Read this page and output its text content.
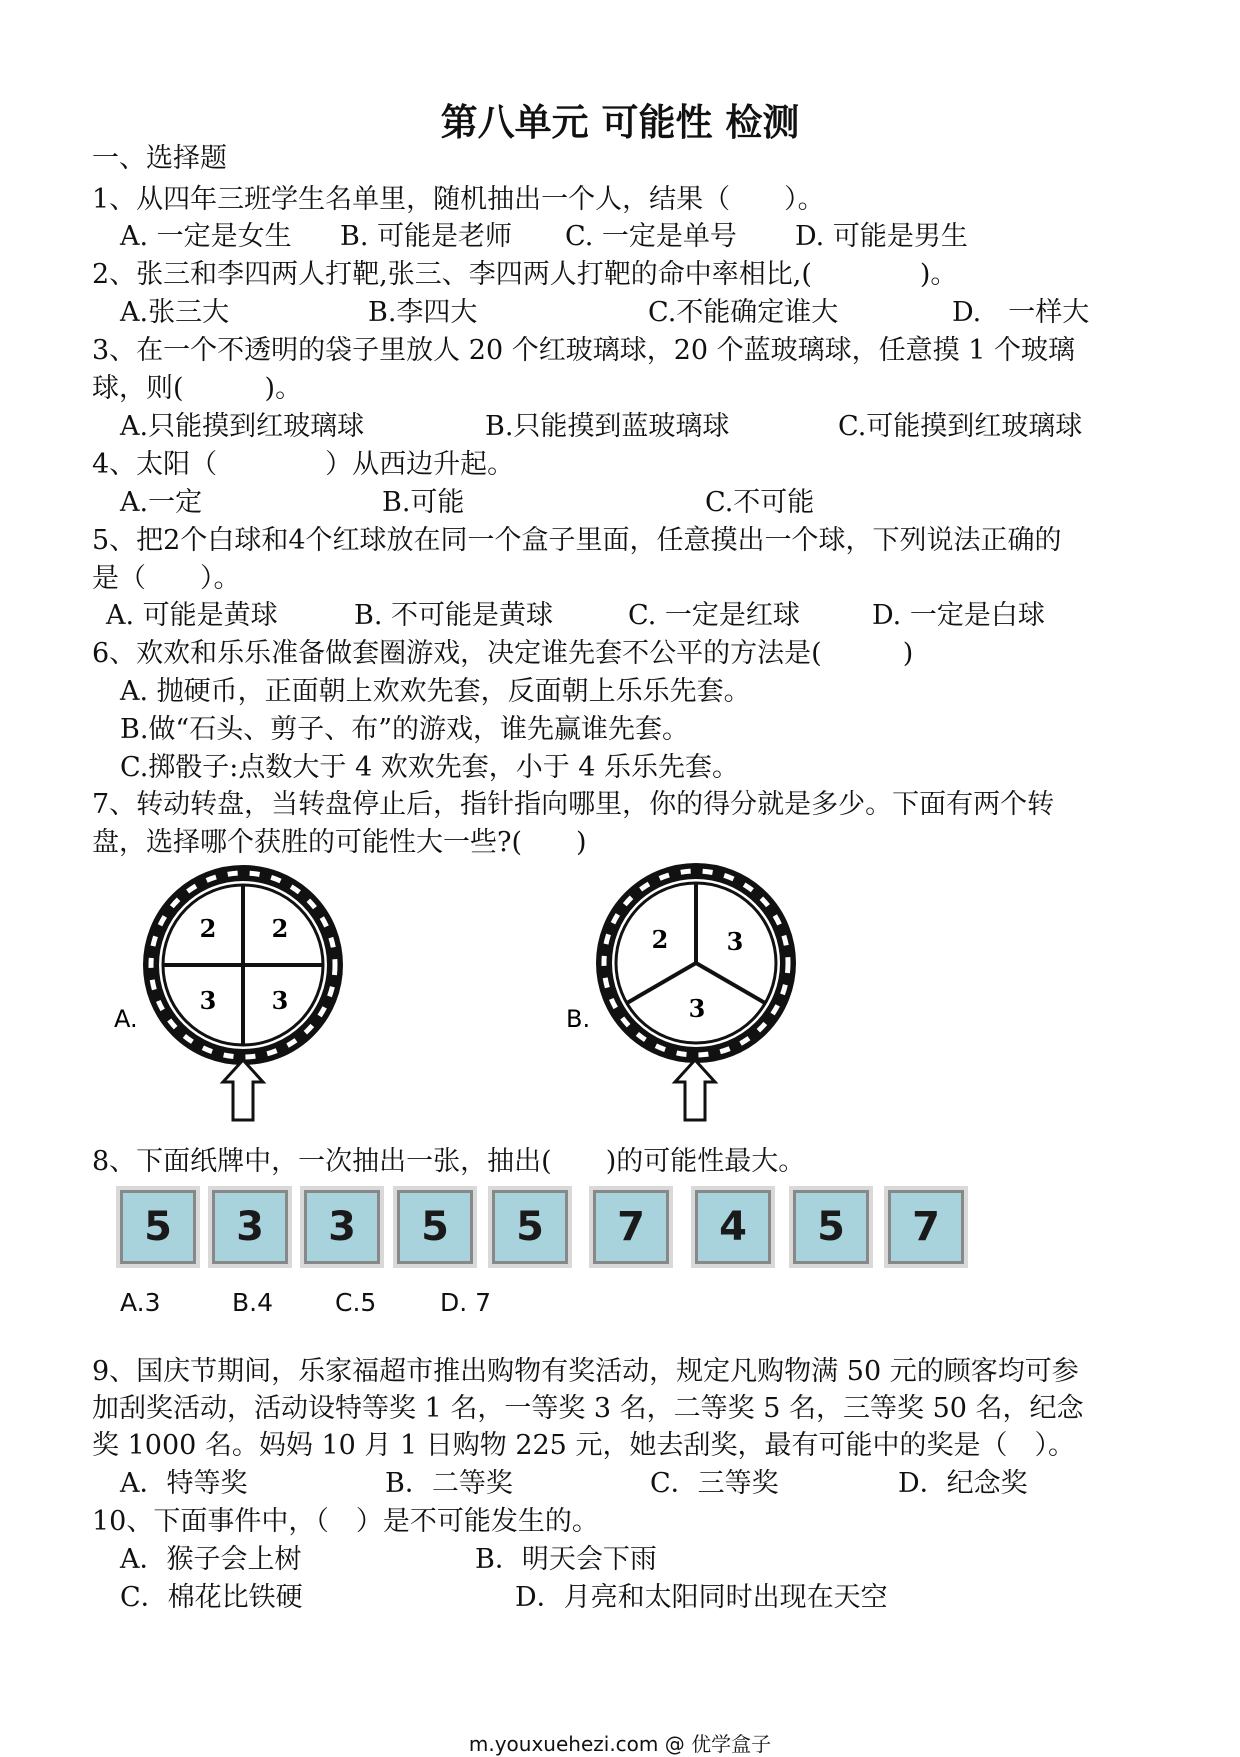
第八单元 可能性 检测
一、选择题
1、从四年三班学生名单里，随机抽出一个人，结果（　　）。
A. 一定是女生 B. 可能是老师 C. 一定是单号 D. 可能是男生
2、张三和李四两人打靶,张三、李四两人打靶的命中率相比,(　　　　)。
A.张三大	B.李四大	C.不能确定谁大	D.　一样大
3、在一个不透明的袋子里放人 20 个红玻璃球，20 个蓝玻璃球，任意摸 1 个玻璃
球，则(　　　)。
A.只能摸到红玻璃球	B.只能摸到蓝玻璃球	C.可能摸到红玻璃球
4、太阳（　　　　）从西边升起。
A.一定	B.可能	C.不可能
5、把2个白球和4个红球放在同一个盒子里面，任意摸出一个球，下列说法正确的
是（　　）。
A. 可能是黄球	B. 不可能是黄球	C. 一定是红球	D. 一定是白球
6、欢欢和乐乐准备做套圈游戏，决定谁先套不公平的方法是(　　　)
A. 抛硬币，正面朝上欢欢先套，反面朝上乐乐先套。
B.做“石头、剪子、布”的游戏，谁先赢谁先套。
C.掷骰子:点数大于 4 欢欢先套，小于 4 乐乐先套。
7、转动转盘，当转盘停止后，指针指向哪里，你的得分就是多少。下面有两个转
盘，选择哪个获胜的可能性大一些?(　　)
2 2
3 3
A.
2 3
3
B.
8、下面纸牌中，一次抽出一张，抽出(　　)的可能性最大。
5	3	3	5	5	7	4	5	7
A.3	B.4 C.5	D. 7
9、国庆节期间，乐家福超市推出购物有奖活动，规定凡购物满 50 元的顾客均可参
加刮奖活动，活动设特等奖 1 名，一等奖 3 名，二等奖 5 名，三等奖 50 名，纪念
奖 1000 名。妈妈 10 月 1 日购物 225 元，她去刮奖，最有可能中的奖是（　）。
A．特等奖	B．二等奖	C．三等奖	D．纪念奖
10、下面事件中，（　）是不可能发生的。
A．猴子会上树	B．明天会下雨
C．棉花比铁硬	D．月亮和太阳同时出现在天空
m.youxuehezi.com @ 优学盒子
